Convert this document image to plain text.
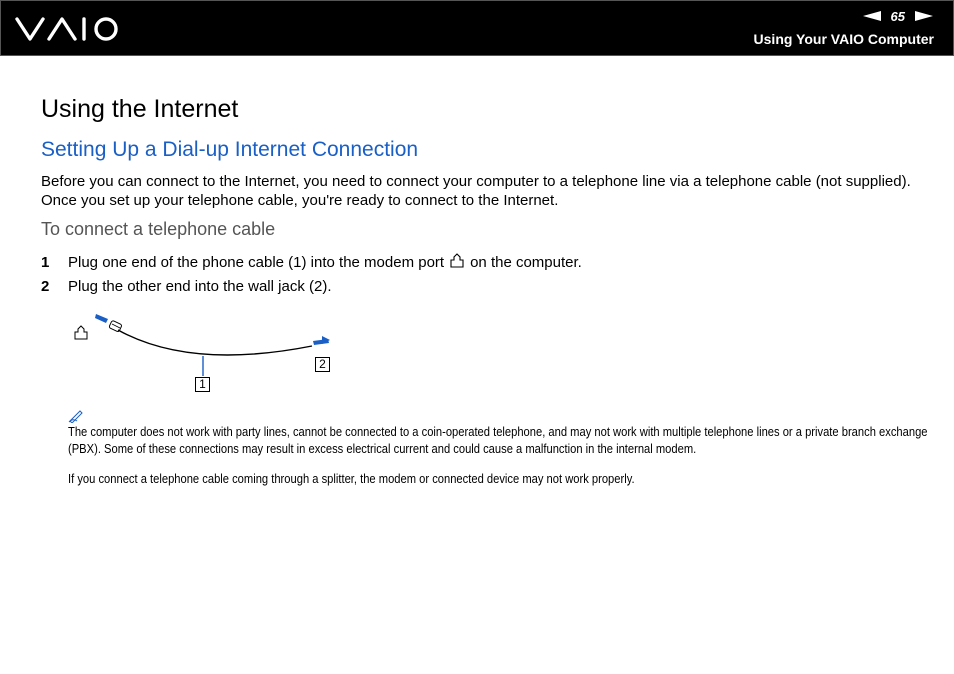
65
Using Your VAIO Computer
Using the Internet
Setting Up a Dial-up Internet Connection

Before you can connect to the Internet, you need to connect your computer to a telephone line via a telephone cable (not supplied). Once you set up your telephone cable, you're ready to connect to the Internet.

To connect a telephone cable
1	Plug one end of the phone cable (1) into the modem port on the computer.
2	Plug the other end into the wall jack (2).
1
2

The computer does not work with party lines, cannot be connected to a coin-operated telephone, and may not work with multiple telephone lines or a private branch exchange (PBX). Some of these connections may result in excess electrical current and could cause a malfunction in the internal modem.

If you connect a telephone cable coming through a splitter, the modem or connected device may not work properly.
